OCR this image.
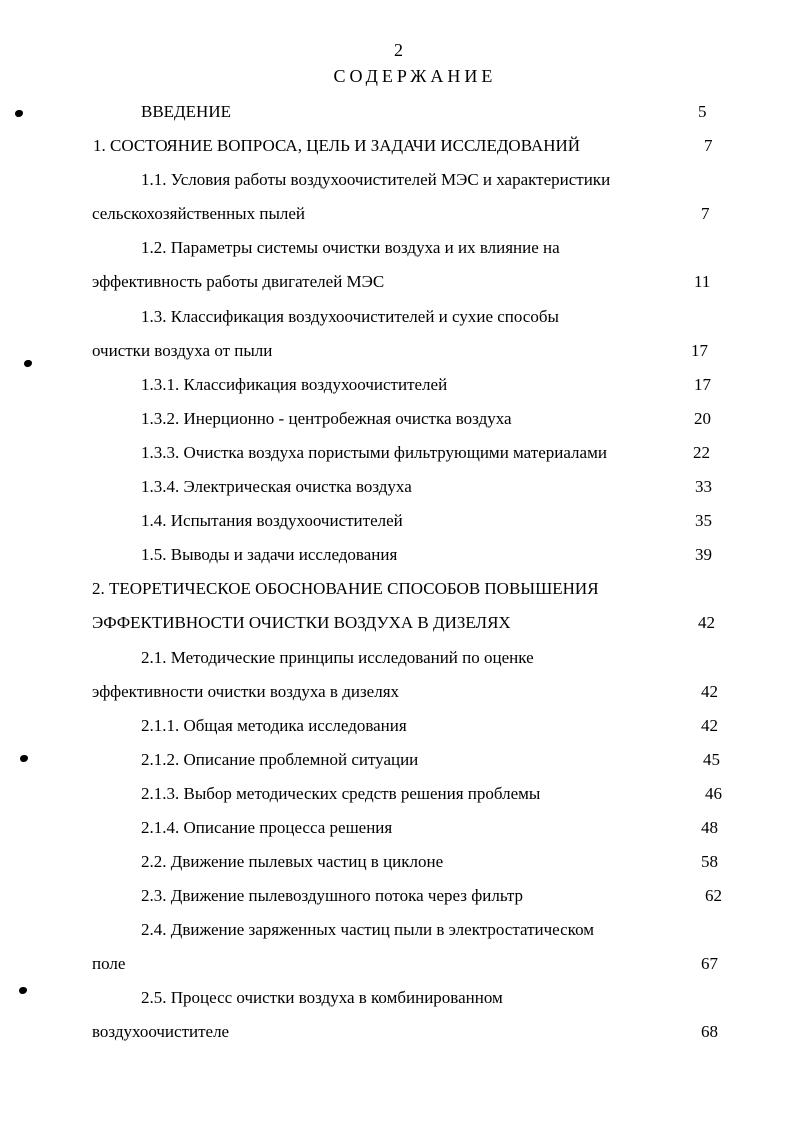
2
СОДЕРЖАНИЕ
ВВЕДЕНИЕ	5
1. СОСТОЯНИЕ ВОПРОСА, ЦЕЛЬ И ЗАДАЧИ ИССЛЕДОВАНИЙ	7
1.1. Условия работы воздухоочистителей МЭС и характеристики
сельскохозяйственных пылей	7
1.2. Параметры системы очистки воздуха и их влияние на
эффективность работы двигателей МЭС	11
1.3. Классификация воздухоочистителей и сухие способы
очистки воздуха от пыли	17
1.3.1. Классификация воздухоочистителей	17
1.3.2. Инерционно - центробежная очистка воздуха	20
1.3.3. Очистка воздуха пористыми фильтрующими материалами	22
1.3.4. Электрическая очистка воздуха	33
1.4. Испытания воздухоочистителей	35
1.5. Выводы и задачи исследования	39
2. ТЕОРЕТИЧЕСКОЕ ОБОСНОВАНИЕ СПОСОБОВ ПОВЫШЕНИЯ
ЭФФЕКТИВНОСТИ ОЧИСТКИ ВОЗДУХА В ДИЗЕЛЯХ	42
2.1. Методические принципы исследований по оценке
эффективности очистки воздуха в дизелях	42
2.1.1. Общая методика исследования	42
2.1.2. Описание проблемной ситуации	45
2.1.3. Выбор методических средств решения проблемы	46
2.1.4. Описание процесса решения	48
2.2. Движение пылевых частиц в циклоне	58
2.3. Движение пылевоздушного потока через фильтр	62
2.4. Движение заряженных частиц пыли в электростатическом
поле	67
2.5. Процесс очистки воздуха в комбинированном
воздухоочистителе	68
